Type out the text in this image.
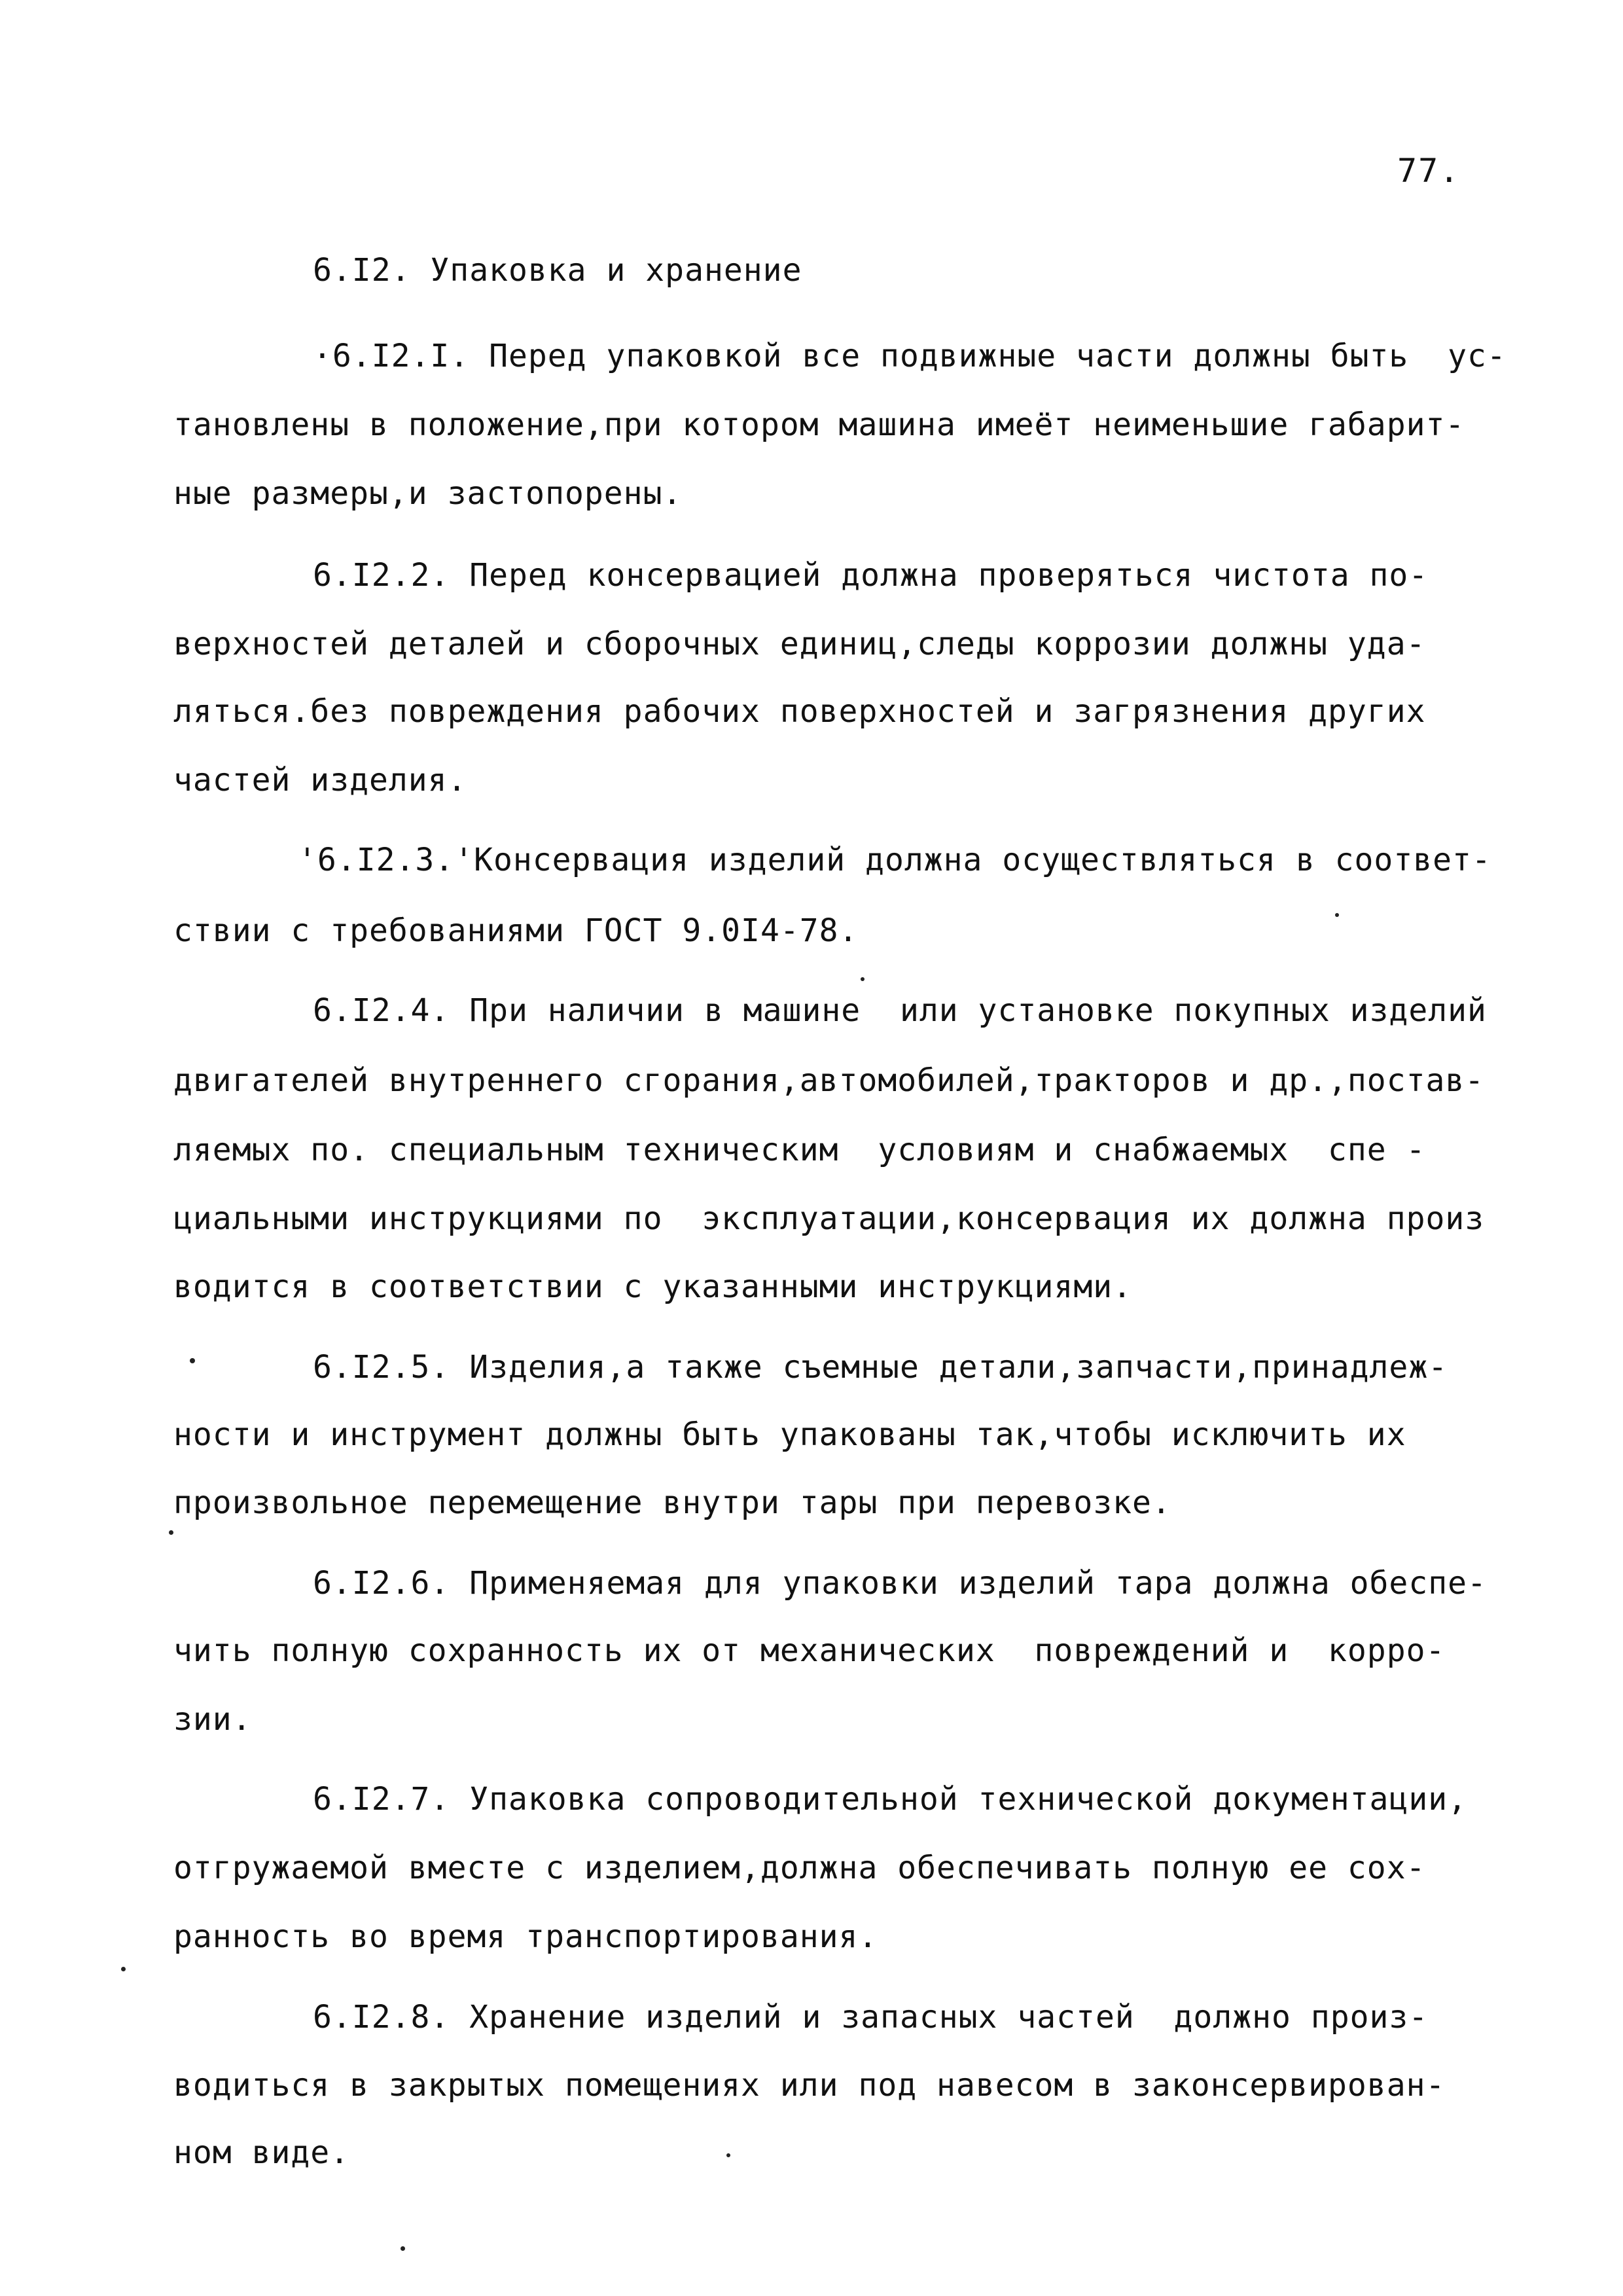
77.
6.I2. Упаковка и хранение
·6.I2.I. Перед упаковкой все подвижные части должны быть  ус-
тановлены в положение,при котором машина имеёт неименьшие габарит-
ные размеры,и застопорены.
6.I2.2. Перед консервацией должна проверяться чистота по-
верхностей деталей и сборочных единиц,следы коррозии должны уда-
ляться.без повреждения рабочих поверхностей и загрязнения других
частей изделия.
'6.I2.3.'Консервация изделий должна осуществляться в соответ-
ствии с требованиями ГОСТ 9.0I4-78.
6.I2.4. При наличии в машине  или установке покупных изделий
двигателей внутреннего сгорания,автомобилей,тракторов и др.,постав-
ляемых по. специальным техническим  условиям и снабжаемых  спе -
циальными инструкциями по  эксплуатации,консервация их должна произ
водится в соответствии с указанными инструкциями.
6.I2.5. Изделия,а также съемные детали,запчасти,принадлеж-
ности и инструмент должны быть упакованы так,чтобы исключить их
произвольное перемещение внутри тары при перевозке.
6.I2.6. Применяемая для упаковки изделий тара должна обеспе-
чить полную сохранность их от механических  повреждений и  корро-
зии.
6.I2.7. Упаковка сопроводительной технической документации,
отгружаемой вместе с изделием,должна обеспечивать полную ее сох-
ранность во время транспортирования.
6.I2.8. Хранение изделий и запасных частей  должно произ-
водиться в закрытых помещениях или под навесом в законсервирован-
ном виде.
